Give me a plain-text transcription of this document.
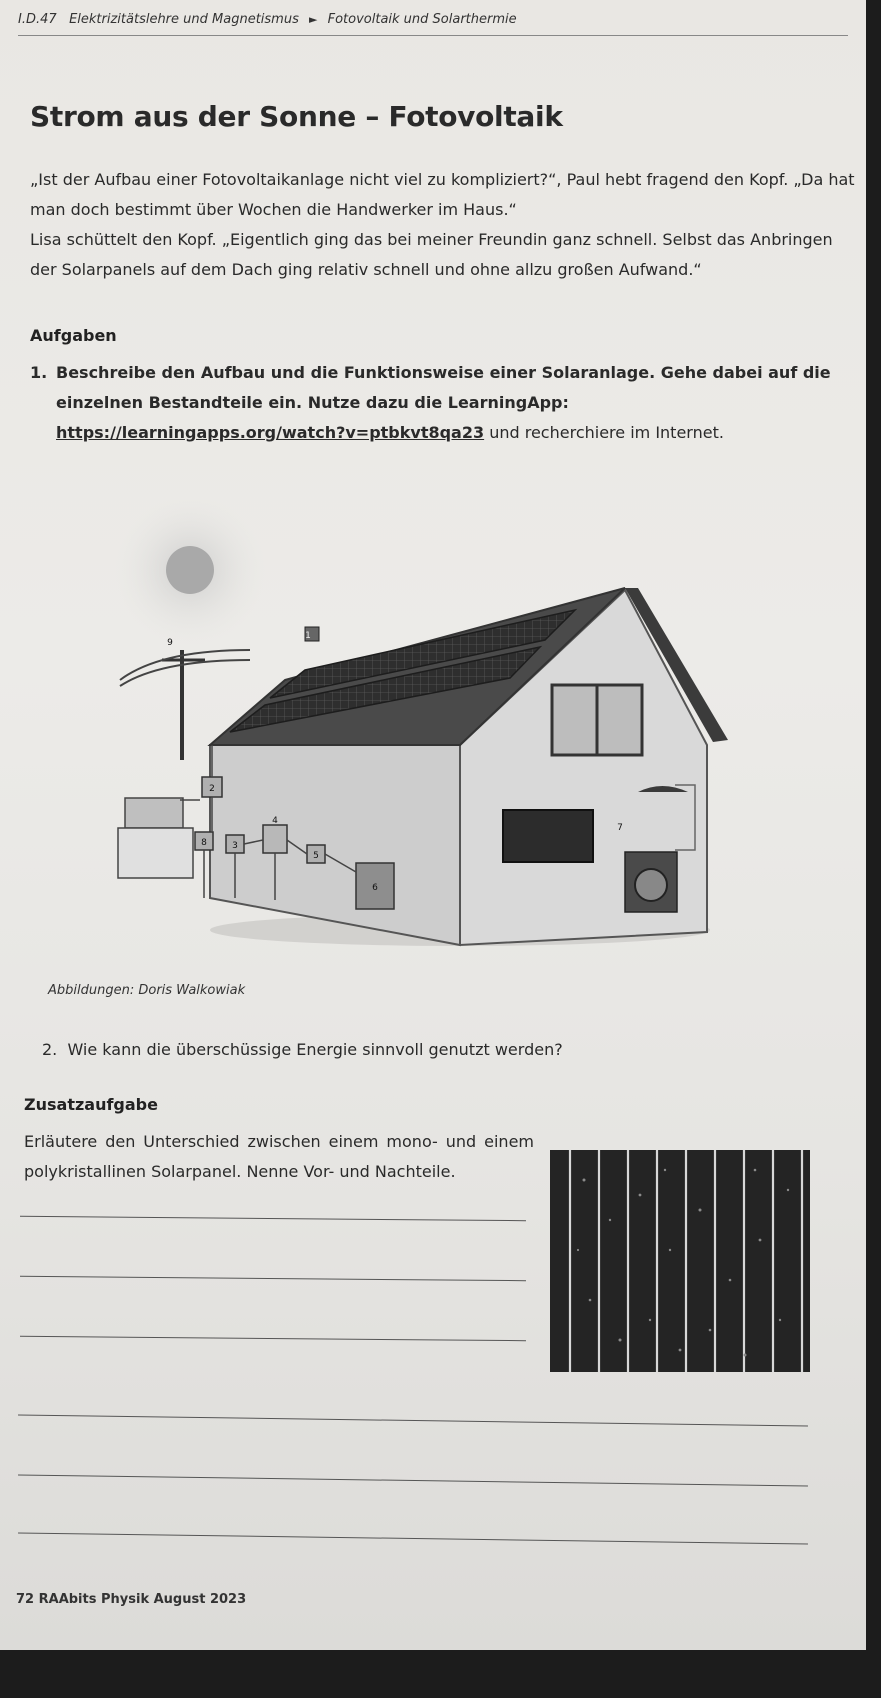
I.D.47 Elektrizitätslehre und Magnetismus ► Fotovoltaik und Solarthermie
Strom aus der Sonne – Fotovoltaik

„Ist der Aufbau einer Fotovoltaikanlage nicht viel zu kompliziert?“, Paul hebt fragend den Kopf. „Da hat man doch bestimmt über Wochen die Handwerker im Haus.“

Lisa schüttelt den Kopf. „Eigentlich ging das bei meiner Freundin ganz schnell. Selbst das Anbringen der Solarpanels auf dem Dach ging relativ schnell und ohne allzu großen Aufwand.“

Aufgaben
1. Beschreibe den Aufbau und die Funktionsweise einer Solaranlage. Gehe dabei auf die einzelnen Bestandteile ein. Nutze dazu die LearningApp: https://learningapps.org/watch?v=ptbkvt8qa23 und recherchiere im Internet.
1
2
3
4
5
6
7
8
9
Abbildungen: Doris Walkowiak
2. Wie kann die überschüssige Energie sinnvoll genutzt werden?
Zusatzaufgabe
Erläutere den Unterschied zwischen einem mono- und einem polykristallinen Solarpanel. Nenne Vor- und Nachteile.
72 RAAbits Physik August 2023
